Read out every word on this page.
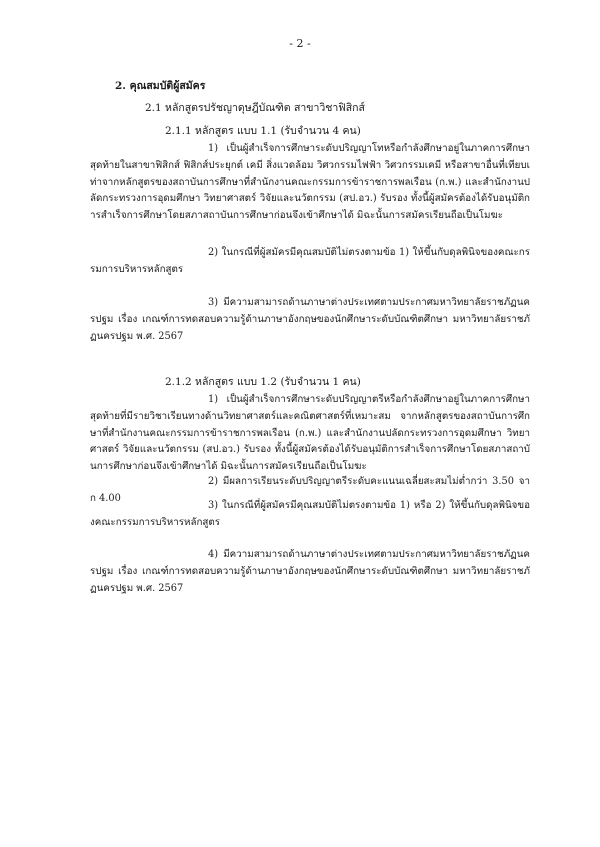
- 2 -
2. คุณสมบัติผู้สมัคร
2.1 หลักสูตรปรัชญาดุษฎีบัณฑิต สาขาวิชาฟิสิกส์
2.1.1 หลักสูตร แบบ 1.1 (รับจำนวน 4 คน)
1) เป็นผู้สำเร็จการศึกษาระดับปริญญาโทหรือกำลังศึกษาอยู่ในภาคการศึกษาสุดท้ายในสาขาฟิสิกส์ ฟิสิกส์ประยุกต์ เคมี สิ่งแวดล้อม วิศวกรรมไฟฟ้า วิศวกรรมเคมี หรือสาขาอื่นที่เทียบเท่าจากหลักสูตรของสถาบันการศึกษาที่สำนักงานคณะกรรมการข้าราชการพลเรือน (ก.พ.) และสำนักงานปลัดกระทรวงการอุดมศึกษา วิทยาศาสตร์ วิจัยและนวัตกรรม (สป.อว.) รับรอง ทั้งนี้ผู้สมัครต้องได้รับอนุมัติการสำเร็จการศึกษาโดยสภาสถาบันการศึกษาก่อนจึงเข้าศึกษาได้ มิฉะนั้นการสมัครเรียนถือเป็นโมฆะ
2) ในกรณีที่ผู้สมัครมีคุณสมบัติไม่ตรงตามข้อ 1) ให้ขึ้นกับดุลพินิจของคณะกรรมการบริหารหลักสูตร
3) มีความสามารถด้านภาษาต่างประเทศตามประกาศมหาวิทยาลัยราชภัฏนครปฐม เรื่อง เกณฑ์การทดสอบความรู้ด้านภาษาอังกฤษของนักศึกษาระดับบัณฑิตศึกษา มหาวิทยาลัยราชภัฏนครปฐม พ.ศ. 2567
2.1.2 หลักสูตร แบบ 1.2 (รับจำนวน 1 คน)
1) เป็นผู้สำเร็จการศึกษาระดับปริญญาตรีหรือกำลังศึกษาอยู่ในภาคการศึกษาสุดท้ายที่มีรายวิชาเรียนทางด้านวิทยาศาสตร์และคณิตศาสตร์ที่เหมาะสม จากหลักสูตรของสถาบันการศึกษาที่สำนักงานคณะกรรมการข้าราชการพลเรือน (ก.พ.) และสำนักงานปลัดกระทรวงการอุดมศึกษา วิทยาศาสตร์ วิจัยและนวัตกรรม (สป.อว.) รับรอง ทั้งนี้ผู้สมัครต้องได้รับอนุมัติการสำเร็จการศึกษาโดยสภาสถาบันการศึกษาก่อนจึงเข้าศึกษาได้ มิฉะนั้นการสมัครเรียนถือเป็นโมฆะ
2) มีผลการเรียนระดับปริญญาตรีระดับคะแนนเฉลี่ยสะสมไม่ต่ำกว่า 3.50 จาก 4.00
3) ในกรณีที่ผู้สมัครมีคุณสมบัติไม่ตรงตามข้อ 1) หรือ 2) ให้ขึ้นกับดุลพินิจของคณะกรรมการบริหารหลักสูตร
4) มีความสามารถด้านภาษาต่างประเทศตามประกาศมหาวิทยาลัยราชภัฏนครปฐม เรื่อง เกณฑ์การทดสอบความรู้ด้านภาษาอังกฤษของนักศึกษาระดับบัณฑิตศึกษา มหาวิทยาลัยราชภัฏนครปฐม พ.ศ. 2567
